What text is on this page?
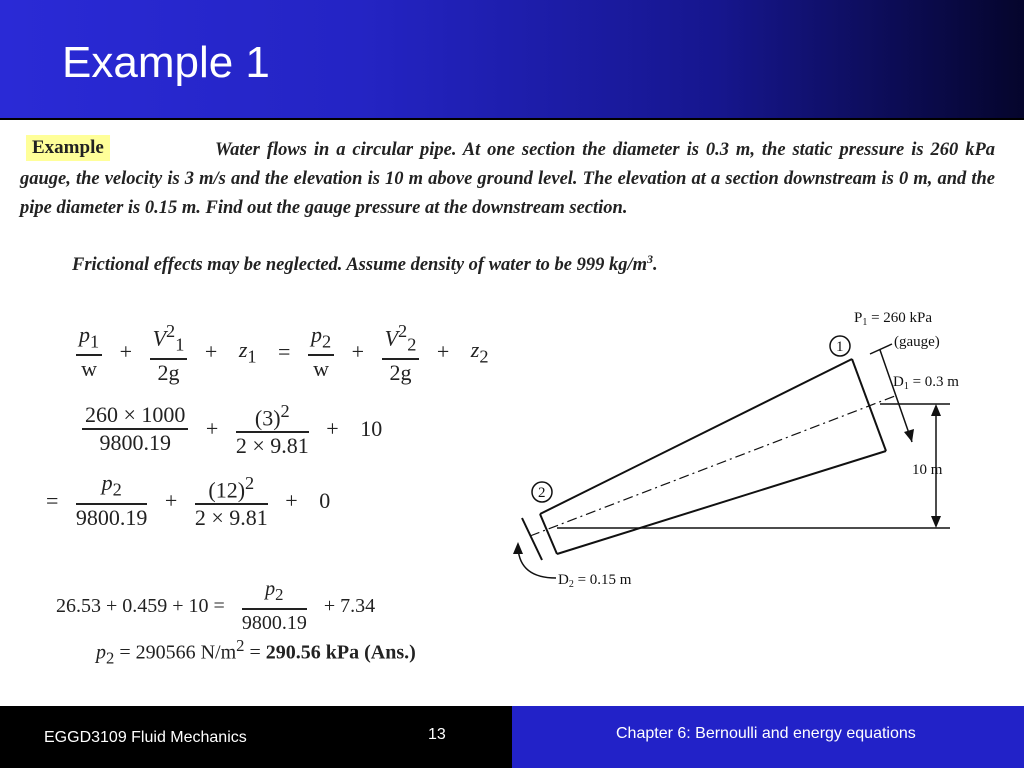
Example 1
Example	Water flows in a circular pipe. At one section the diameter is 0.3 m, the static pressure is 260 kPa gauge, the velocity is 3 m/s and the elevation is 10 m above ground level. The elevation at a section downstream is 0 m, and the pipe diameter is 0.15 m. Find out the gauge pressure at the downstream section.
Frictional effects may be neglected. Assume density of water to be 999 $kg/m^3$.
$\frac{p_1}{w} + \frac{V^2_1}{2g} + z_1 = \frac{p_2}{w} + \frac{V^2_2}{2g} + z_2$
$\frac{260 \times 1000}{9800.19} + \frac{(3)^2}{2 \times 9.81} + 10$
= $\frac{p_2}{9800.19} + \frac{(12)^2}{2 \times 9.81} + 0$
$26.53 + 0.459 + 10 = \frac{p_2}{9800.19} + 7.34$
$p_2 = 290566$ $N/m^2 = 290.56$ kPa (Ans.)
10 m
$D_1 = 0.3$ m
$P_1 = 260$ kPa
(gauge)
1
2
$D_2 = 0.15$ m
EGGD3109 Fluid Mechanics	13	Chapter 6: Bernoulli and energy equations
